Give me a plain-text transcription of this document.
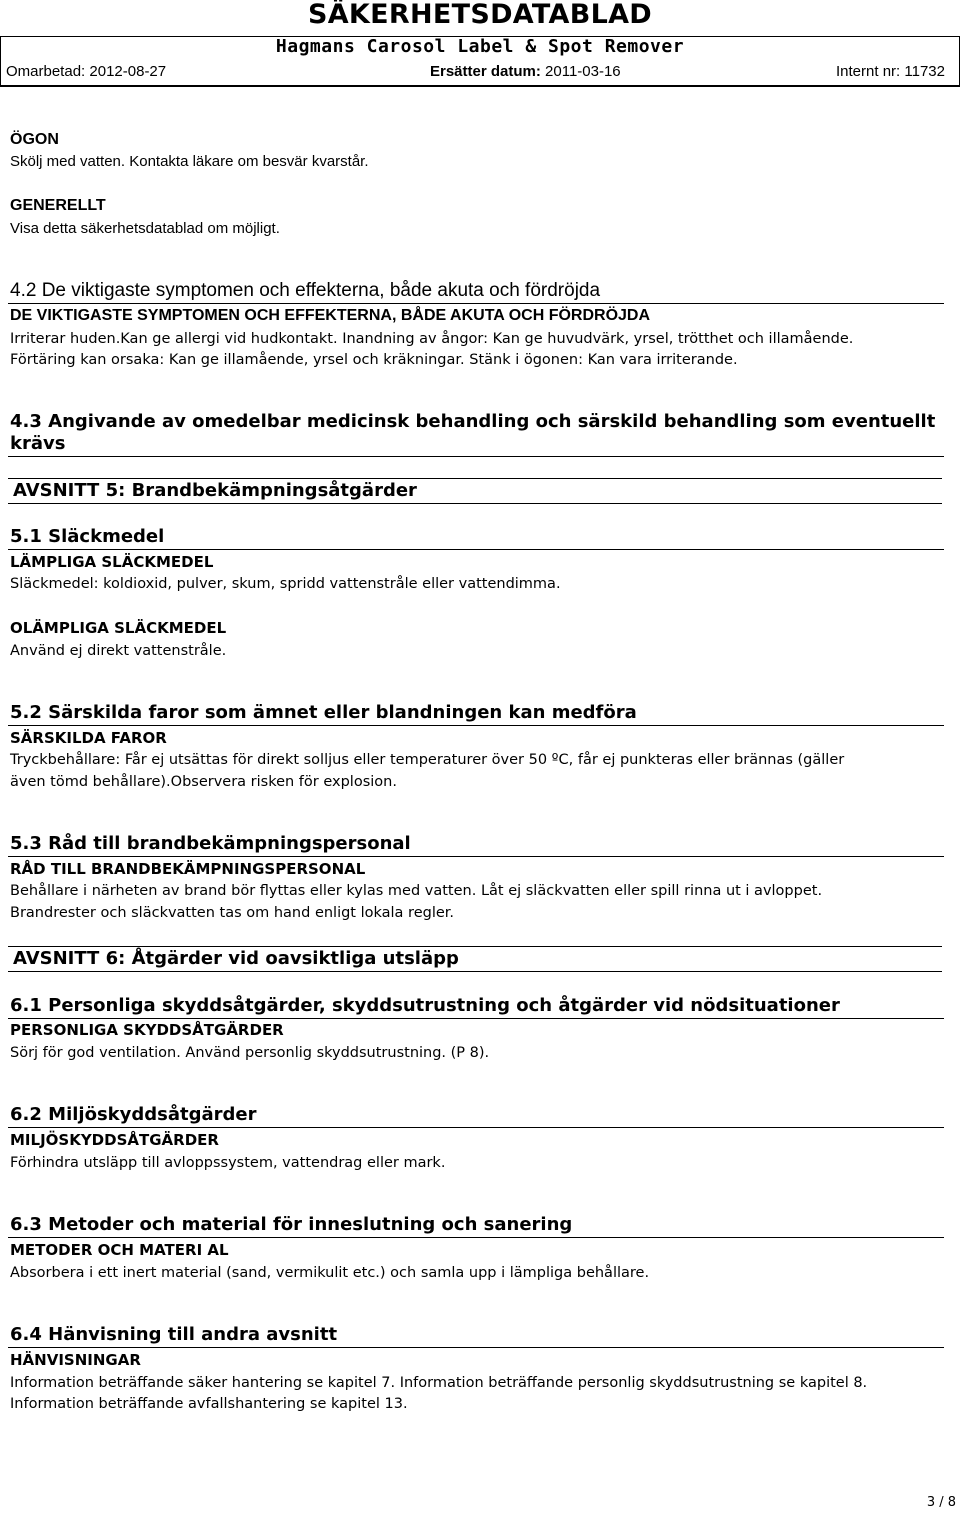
SÄKERHETSDATABLAD
Hagmans Carosol Label & Spot Remover
Omarbetad: 2012-08-27	Ersätter datum: 2011-03-16	Internt nr: 11732
ÖGON
Skölj med vatten. Kontakta läkare om besvär kvarstår.
GENERELLT
Visa detta säkerhetsdatablad om möjligt.
4.2 De viktigaste symptomen och effekterna, både akuta och fördröjda
DE VIKTIGASTE SYMPTOMEN OCH EFFEKTERNA, BÅDE AKUTA OCH FÖRDRÖJDA
Irriterar huden.Kan ge allergi vid hudkontakt. Inandning av ångor: Kan ge huvudvärk, yrsel, trötthet och illamående.
Förtäring kan orsaka: Kan ge illamående, yrsel och kräkningar. Stänk i ögonen: Kan vara irriterande.
4.3 Angivande av omedelbar medicinsk behandling och särskild behandling som eventuellt
krävs
AVSNITT 5: Brandbekämpningsåtgärder
5.1 Släckmedel
LÄMPLIGA SLÄCKMEDEL
Släckmedel: koldioxid, pulver, skum, spridd vattenstråle eller vattendimma.
OLÄMPLIGA SLÄCKMEDEL
Använd ej direkt vattenstråle.
5.2 Särskilda faror som ämnet eller blandningen kan medföra
SÄRSKILDA FAROR
Tryckbehållare: Får ej utsättas för direkt solljus eller temperaturer över 50 ºC, får ej punkteras eller brännas (gäller
även tömd behållare).Observera risken för explosion.
5.3 Råd till brandbekämpningspersonal
RÅD TILL BRANDBEKÄMPNINGSPERSONAL
Behållare i närheten av brand bör flyttas eller kylas med vatten. Låt ej släckvatten eller spill rinna ut i avloppet.
Brandrester och släckvatten tas om hand enligt lokala regler.
AVSNITT 6: Åtgärder vid oavsiktliga utsläpp
6.1 Personliga skyddsåtgärder, skyddsutrustning och åtgärder vid nödsituationer
PERSONLIGA SKYDDSÅTGÄRDER
Sörj för god ventilation. Använd personlig skyddsutrustning. (P 8).
6.2 Miljöskyddsåtgärder
MILJÖSKYDDSÅTGÄRDER
Förhindra utsläpp till avloppssystem, vattendrag eller mark.
6.3 Metoder och material för inneslutning och sanering
METODER OCH MATERI AL
Absorbera i ett inert material (sand, vermikulit etc.) och samla upp i lämpliga behållare.
6.4 Hänvisning till andra avsnitt
HÄNVISNINGAR
Information beträffande säker hantering se kapitel 7. Information beträffande personlig skyddsutrustning se kapitel 8.
Information beträffande avfallshantering se kapitel 13.
3 / 8
